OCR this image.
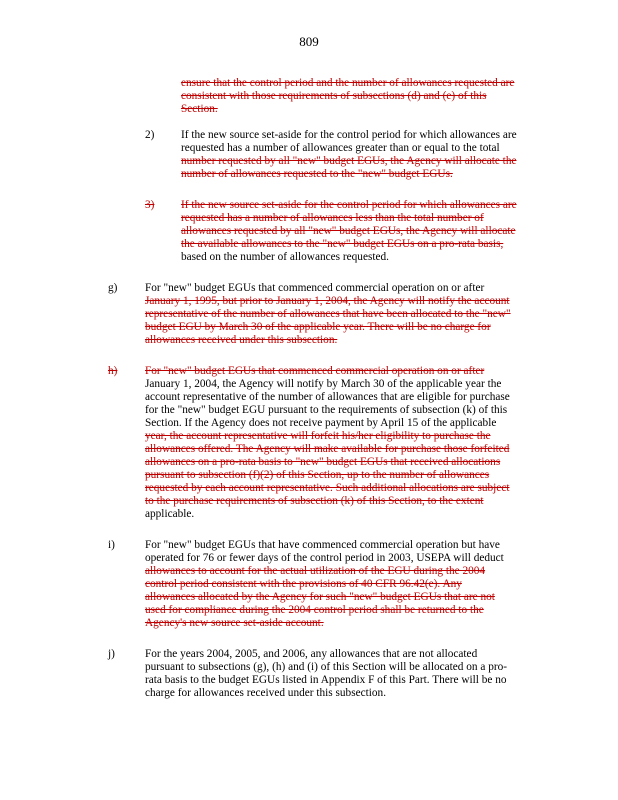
809
ensure that the control period and the number of allowances requested are
consistent with those requirements of subsections (d) and (e) of this
Section.
2) If the new source set-aside for the control period for which allowances are
requested has a number of allowances greater than or equal to the total
number requested by all "new" budget EGUs, the Agency will allocate the
number of allowances requested to the "new" budget EGUs.
3) If the new source set-aside for the control period for which allowances are
requested has a number of allowances less than the total number of
allowances requested by all "new" budget EGUs, the Agency will allocate
the available allowances to the "new" budget EGUs on a pro-rata basis,
based on the number of allowances requested.
g) For "new" budget EGUs that commenced commercial operation on or after
January 1, 1995, but prior to January 1, 2004, the Agency will notify the account
representative of the number of allowances that have been allocated to the "new"
budget EGU by March 30 of the applicable year. There will be no charge for
allowances received under this subsection.
h) For "new" budget EGUs that commenced commercial operation on or after
January 1, 2004, the Agency will notify by March 30 of the applicable year the
account representative of the number of allowances that are eligible for purchase
for the "new" budget EGU pursuant to the requirements of subsection (k) of this
Section. If the Agency does not receive payment by April 15 of the applicable
year, the account representative will forfeit his/her eligibility to purchase the
allowances offered. The Agency will make available for purchase those forfeited
allowances on a pro-rata basis to "new" budget EGUs that received allocations
pursuant to subsection (f)(2) of this Section, up to the number of allowances
requested by each account representative. Such additional allocations are subject
to the purchase requirements of subsection (k) of this Section, to the extent
applicable.
i)	For "new" budget EGUs that have commenced commercial operation but have
operated for 76 or fewer days of the control period in 2003, USEPA will deduct
allowances to account for the actual utilization of the EGU during the 2004
control period consistent with the provisions of 40 CFR 96.42(e). Any
allowances allocated by the Agency for such "new" budget EGUs that are not
used for compliance during the 2004 control period shall be returned to the
Agency's new source set-aside account.
j)	For the years 2004, 2005, and 2006, any allowances that are not allocated
pursuant to subsections (g), (h) and (i) of this Section will be allocated on a pro-
rata basis to the budget EGUs listed in Appendix F of this Part. There will be no
charge for allowances received under this subsection.
